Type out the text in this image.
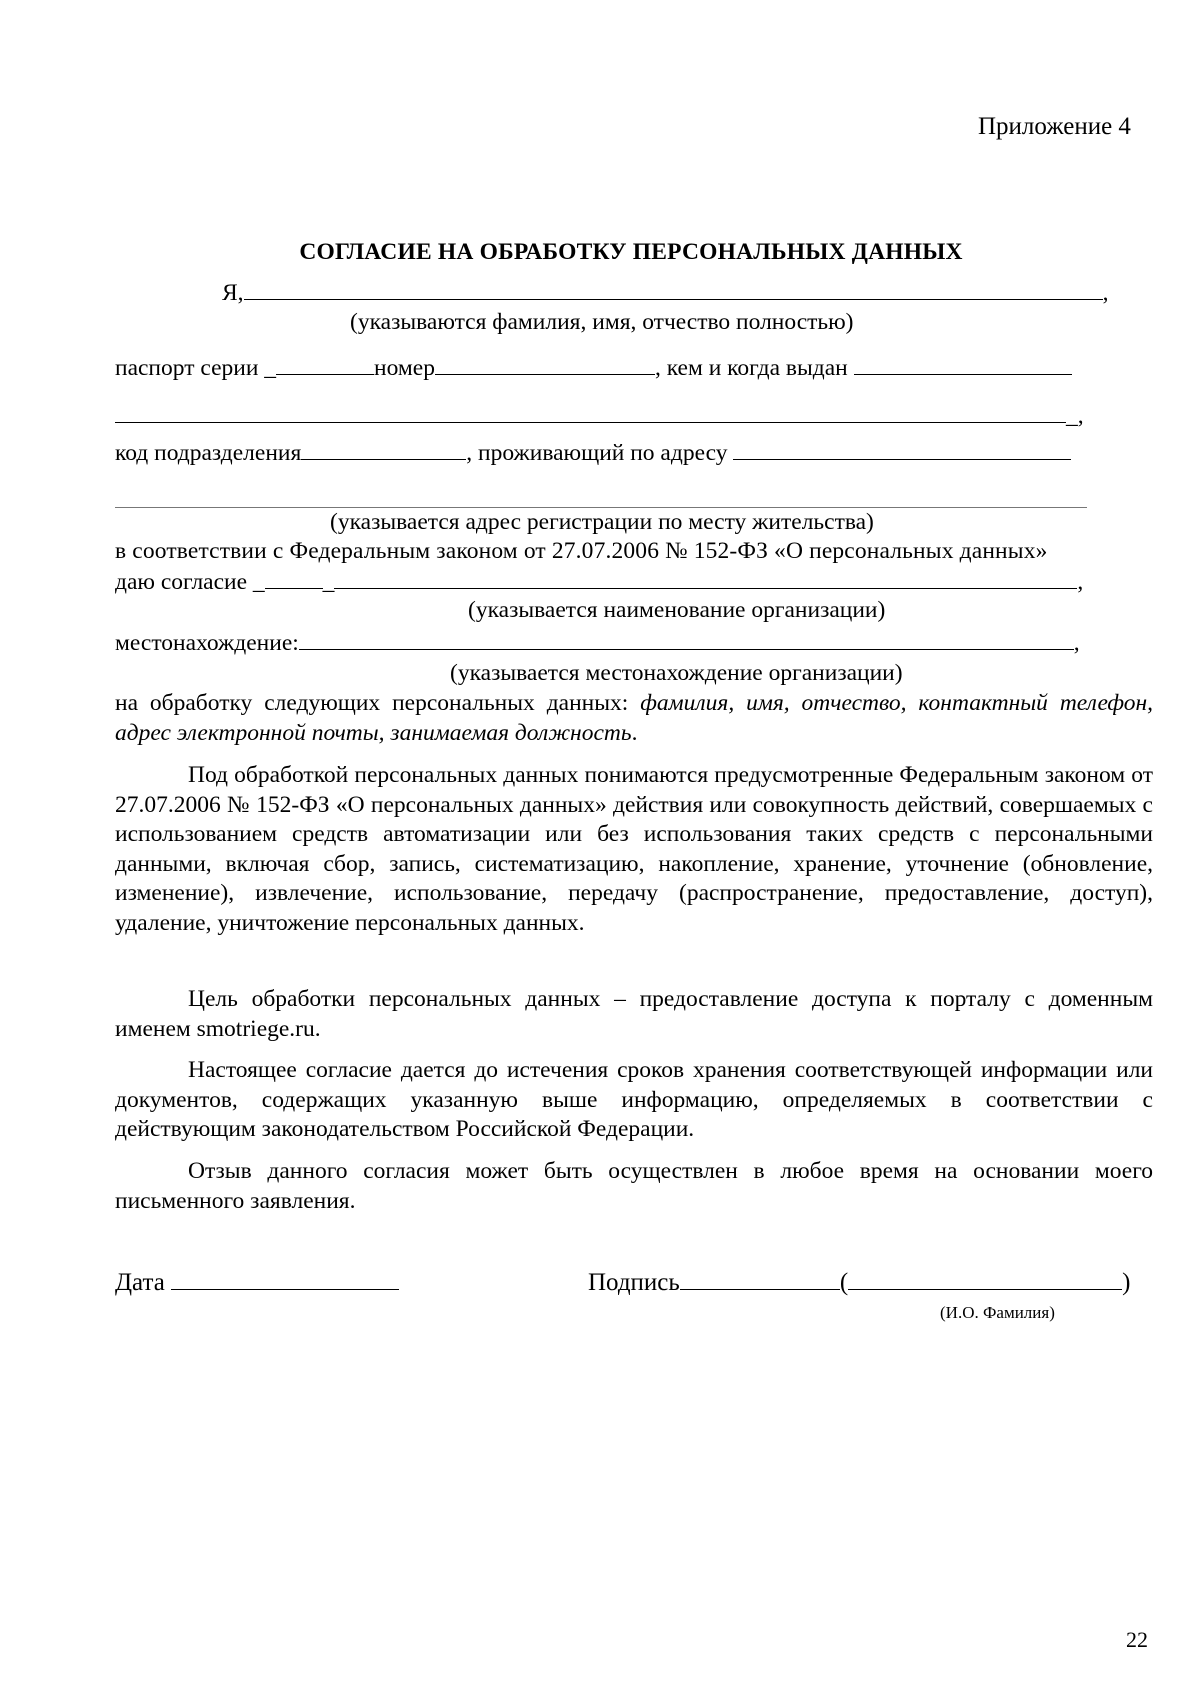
Приложение 4
СОГЛАСИЕ НА ОБРАБОТКУ ПЕРСОНАЛЬНЫХ ДАННЫХ
Я,	,
(указываются фамилия, имя, отчество полностью)
паспорт серии _	номер	, кем и когда выдан
_,
код подразделения	, проживающий по адресу
(указывается адрес регистрации по месту жительства)
в соответствии с Федеральным законом от 27.07.2006 № 152-ФЗ «О персональных данных»
даю согласие _ _	,
(указывается наименование организации)
местонахождение:	,
(указывается местонахождение организации)
на обработку следующих персональных данных: фамилия, имя, отчество, контактный телефон, адрес электронной почты, занимаемая должность.
Под обработкой персональных данных понимаются предусмотренные Федеральным законом от 27.07.2006 № 152-ФЗ «О персональных данных» действия или совокупность действий, совершаемых с использованием средств автоматизации или без использования таких средств с персональными данными, включая сбор, запись, систематизацию, накопление, хранение, уточнение (обновление, изменение), извлечение, использование, передачу (распространение, предоставление, доступ), удаление, уничтожение персональных данных.
Цель обработки персональных данных – предоставление доступа к порталу с доменным именем smotriege.ru.
Настоящее согласие дается до истечения сроков хранения соответствующей информации или документов, содержащих указанную выше информацию, определяемых в соответствии с действующим законодательством Российской Федерации.
Отзыв данного согласия может быть осуществлен в любое время на основании моего письменного заявления.
Дата	Подпись	(	)
(И.О. Фамилия)
22
